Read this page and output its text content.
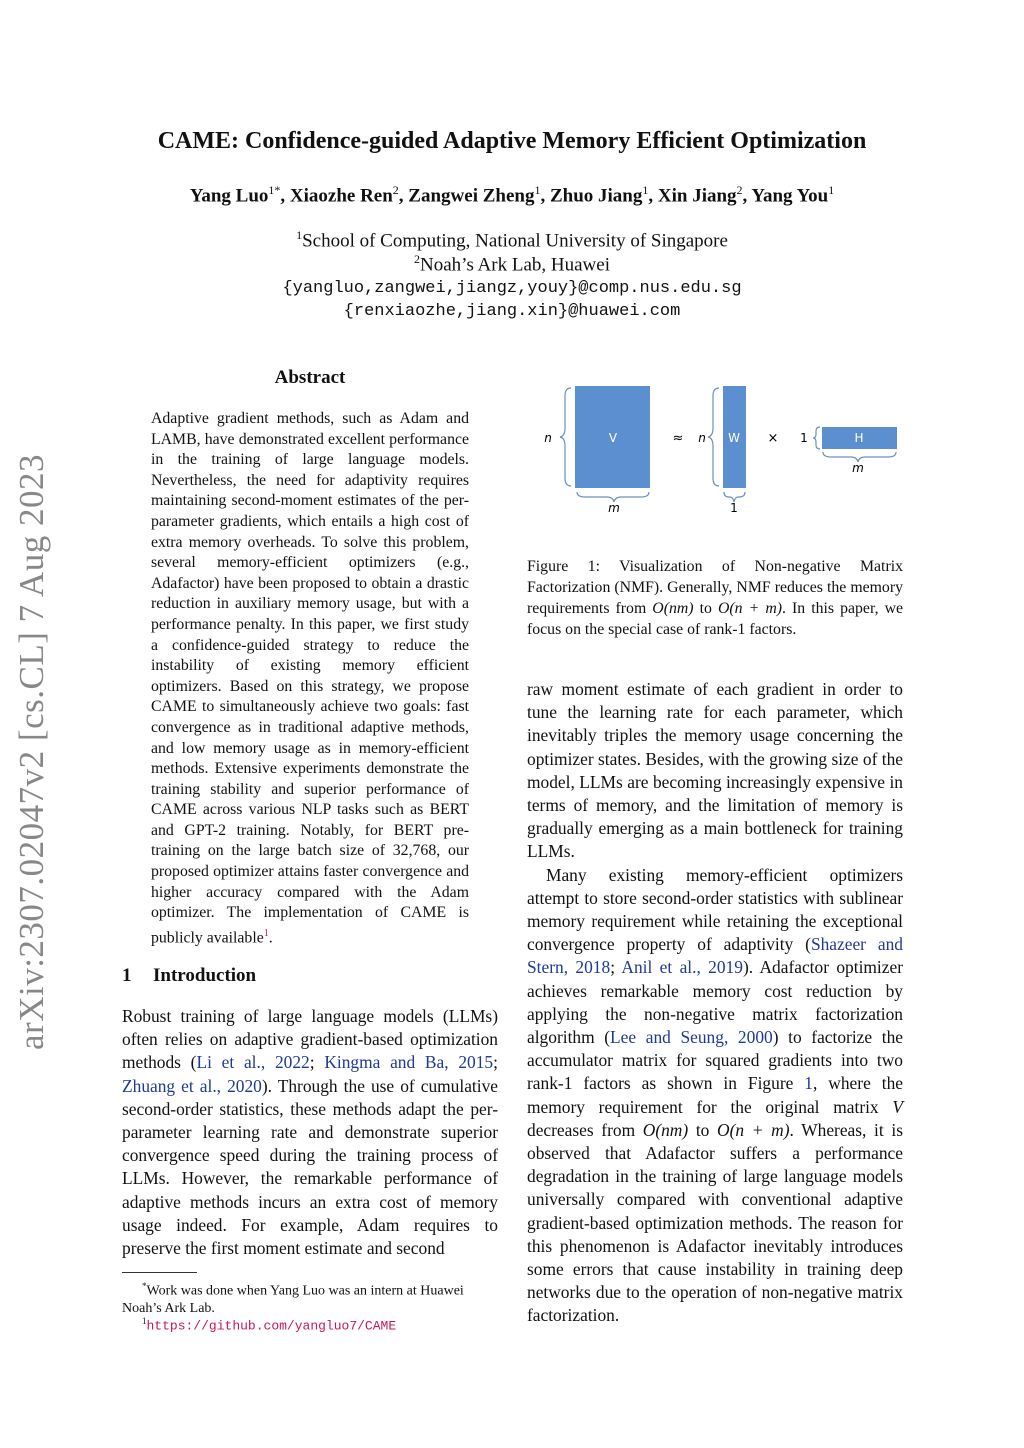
CAME: Confidence-guided Adaptive Memory Efficient Optimization
Yang Luo$^{1*}$, Xiaozhe Ren$^2$, Zangwei Zheng$^1$, Zhuo Jiang$^1$, Xin Jiang$^2$, Yang You$^1$
$^1$School of Computing, National University of Singapore
$^2$Noah’s Ark Lab, Huawei
{yangluo,zangwei,jiangz,youy}@comp.nus.edu.sg
{renxiaozhe,jiang.xin}@huawei.com
arXiv:2307.02047v2 [cs.CL] 7 Aug 2023
Abstract
Adaptive gradient methods, such as Adam and LAMB, have demonstrated excellent performance in the training of large language models. Nevertheless, the need for adaptivity requires maintaining second-moment estimates of the per-parameter gradients, which entails a high cost of extra memory overheads. To solve this problem, several memory-efficient optimizers (e.g., Adafactor) have been proposed to obtain a drastic reduction in auxiliary memory usage, but with a performance penalty. In this paper, we first study a confidence-guided strategy to reduce the instability of existing memory efficient optimizers. Based on this strategy, we propose CAME to simultaneously achieve two goals: fast convergence as in traditional adaptive methods, and low memory usage as in memory-efficient methods. Extensive experiments demonstrate the training stability and superior performance of CAME across various NLP tasks such as BERT and GPT-2 training. Notably, for BERT pre-training on the large batch size of 32,768, our proposed optimizer attains faster convergence and higher accuracy compared with the Adam optimizer. The implementation of CAME is publicly available$^1$.
1 Introduction
Robust training of large language models (LLMs) often relies on adaptive gradient-based optimization methods (Li et al., 2022; Kingma and Ba, 2015; Zhuang et al., 2020). Through the use of cumulative second-order statistics, these methods adapt the per-parameter learning rate and demonstrate superior convergence speed during the training process of LLMs. However, the remarkable performance of adaptive methods incurs an extra cost of memory usage indeed. For example, Adam requires to preserve the first moment estimate and second
*Work was done when Yang Luo was an intern at Huawei Noah’s Ark Lab.
$^1$https://github.com/yangluo7/CAME
V
n
m
≈ n W
1
× 1	H
m
Figure 1: Visualization of Non-negative Matrix Factorization (NMF). Generally, NMF reduces the memory requirements from O(nm) to O(n + m). In this paper, we focus on the special case of rank-1 factors.

raw moment estimate of each gradient in order to tune the learning rate for each parameter, which inevitably triples the memory usage concerning the optimizer states. Besides, with the growing size of the model, LLMs are becoming increasingly expensive in terms of memory, and the limitation of memory is gradually emerging as a main bottleneck for training LLMs.

Many existing memory-efficient optimizers attempt to store second-order statistics with sublinear memory requirement while retaining the exceptional convergence property of adaptivity (Shazeer and Stern, 2018; Anil et al., 2019). Adafactor optimizer achieves remarkable memory cost reduction by applying the non-negative matrix factorization algorithm (Lee and Seung, 2000) to factorize the accumulator matrix for squared gradients into two rank-1 factors as shown in Figure 1, where the memory requirement for the original matrix V decreases from O(nm) to O(n + m). Whereas, it is observed that Adafactor suffers a performance degradation in the training of large language models universally compared with conventional adaptive gradient-based optimization methods. The reason for this phenomenon is Adafactor inevitably introduces some errors that cause instability in training deep networks due to the operation of non-negative matrix factorization.
